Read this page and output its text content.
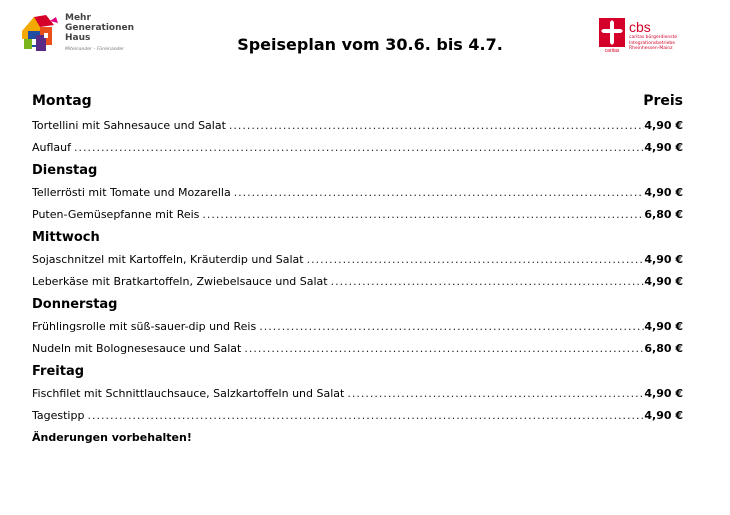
Mehr
Generationen
Haus
Miteinander – Füreinander	caritas
cbs
caritas bürgerdienste
Integrationsbetriebe
Rheinhessen-Mainz
Speiseplan vom 30.6. bis 4.7.
Montag	Preis
Tortellini mit Sahnesauce und Salat .....	4,90 €
Auflauf .....	4,90 €
Dienstag
Tellerrösti mit Tomate und Mozarella .....	4,90 €
Puten-Gemüsepfanne mit Reis .....	6,80 €
Mittwoch
Sojaschnitzel mit Kartoffeln, Kräuterdip und Salat .....	4,90 €
Leberkäse mit Bratkartoffeln, Zwiebelsauce und Salat .....	4,90 €
Donnerstag
Frühlingsrolle mit süß-sauer-dip und Reis .....	4,90 €
Nudeln mit Bolognesesauce und Salat .....	6,80 €
Freitag
Fischfilet mit Schnittlauchsauce, Salzkartoffeln und Salat .....	4,90 €
Tagestipp .....	4,90 €
Änderungen vorbehalten!
